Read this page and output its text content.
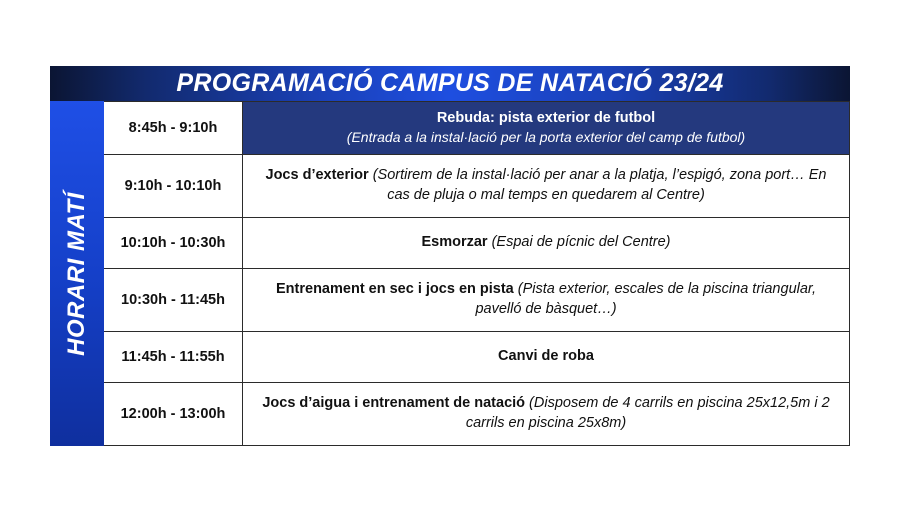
PROGRAMACIÓ CAMPUS DE NATACIÓ 23/24
HORARI MATÍ
8:45h - 9:10h
Rebuda: pista exterior de futbol
(Entrada a la instal·lació per la porta exterior del camp de futbol)
9:10h - 10:10h
Jocs d’exterior (Sortirem de la instal·lació per anar a la platja, l’espigó, zona port… En cas de pluja o mal temps en quedarem al Centre)
10:10h - 10:30h	Esmorzar (Espai de pícnic del Centre)
10:30h - 11:45h
Entrenament en sec i jocs en pista (Pista exterior, escales de la piscina triangular, pavelló de bàsquet…)
11:45h - 11:55h	Canvi de roba
12:00h - 13:00h
Jocs d’aigua i entrenament de natació (Disposem de 4 carrils en piscina 25x12,5m i 2 carrils en piscina 25x8m)
